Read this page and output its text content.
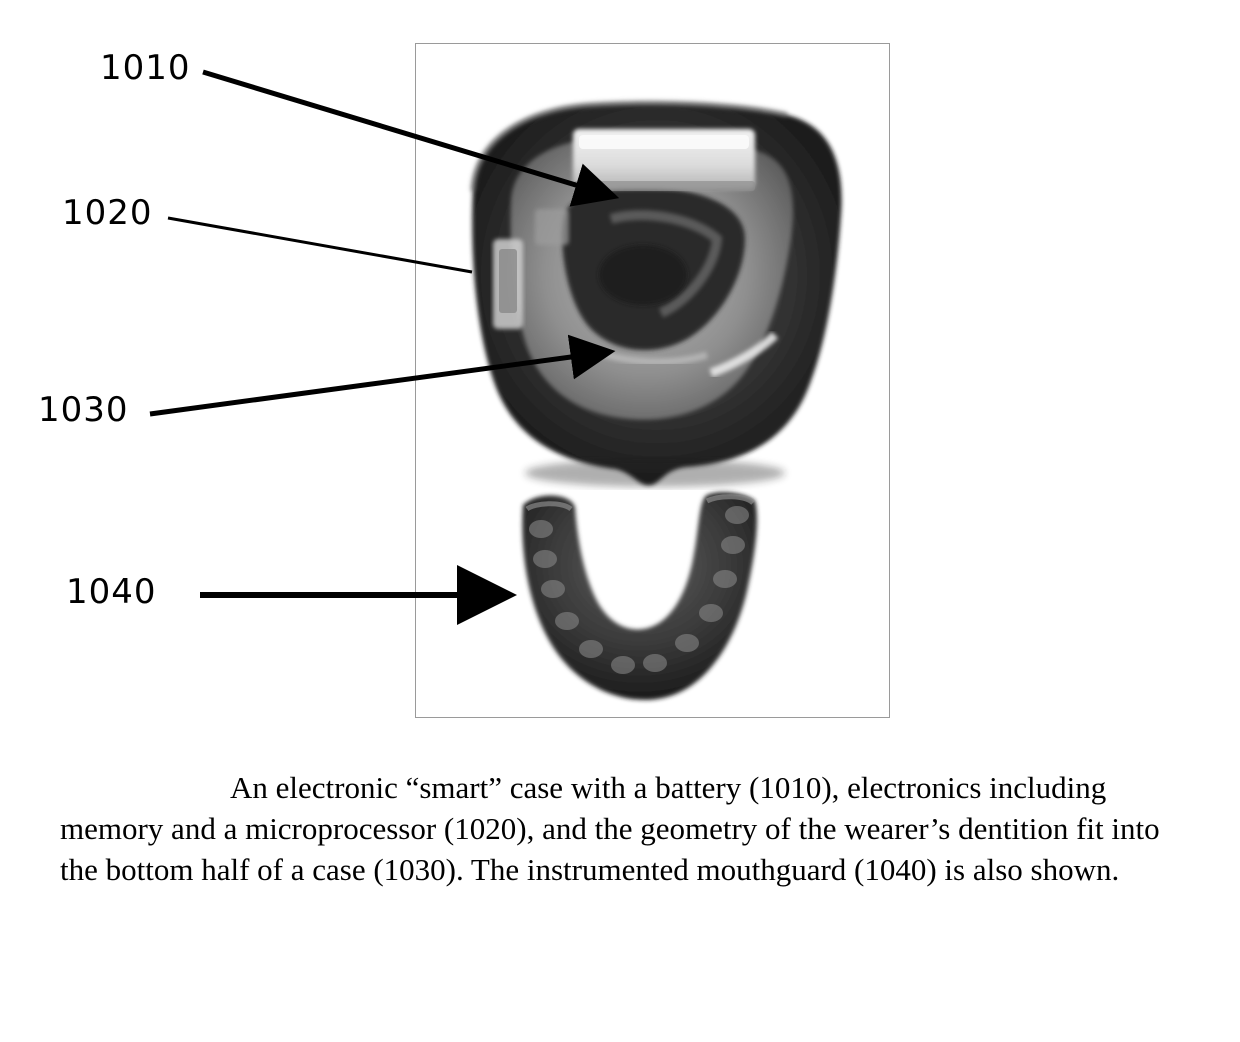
1010
1020
1030
1040

An electronic “smart” case with a battery (1010), electronics including memory and a microprocessor (1020), and the geometry of the wearer’s dentition fit into the bottom half of a case (1030). The instrumented mouthguard (1040) is also shown.
